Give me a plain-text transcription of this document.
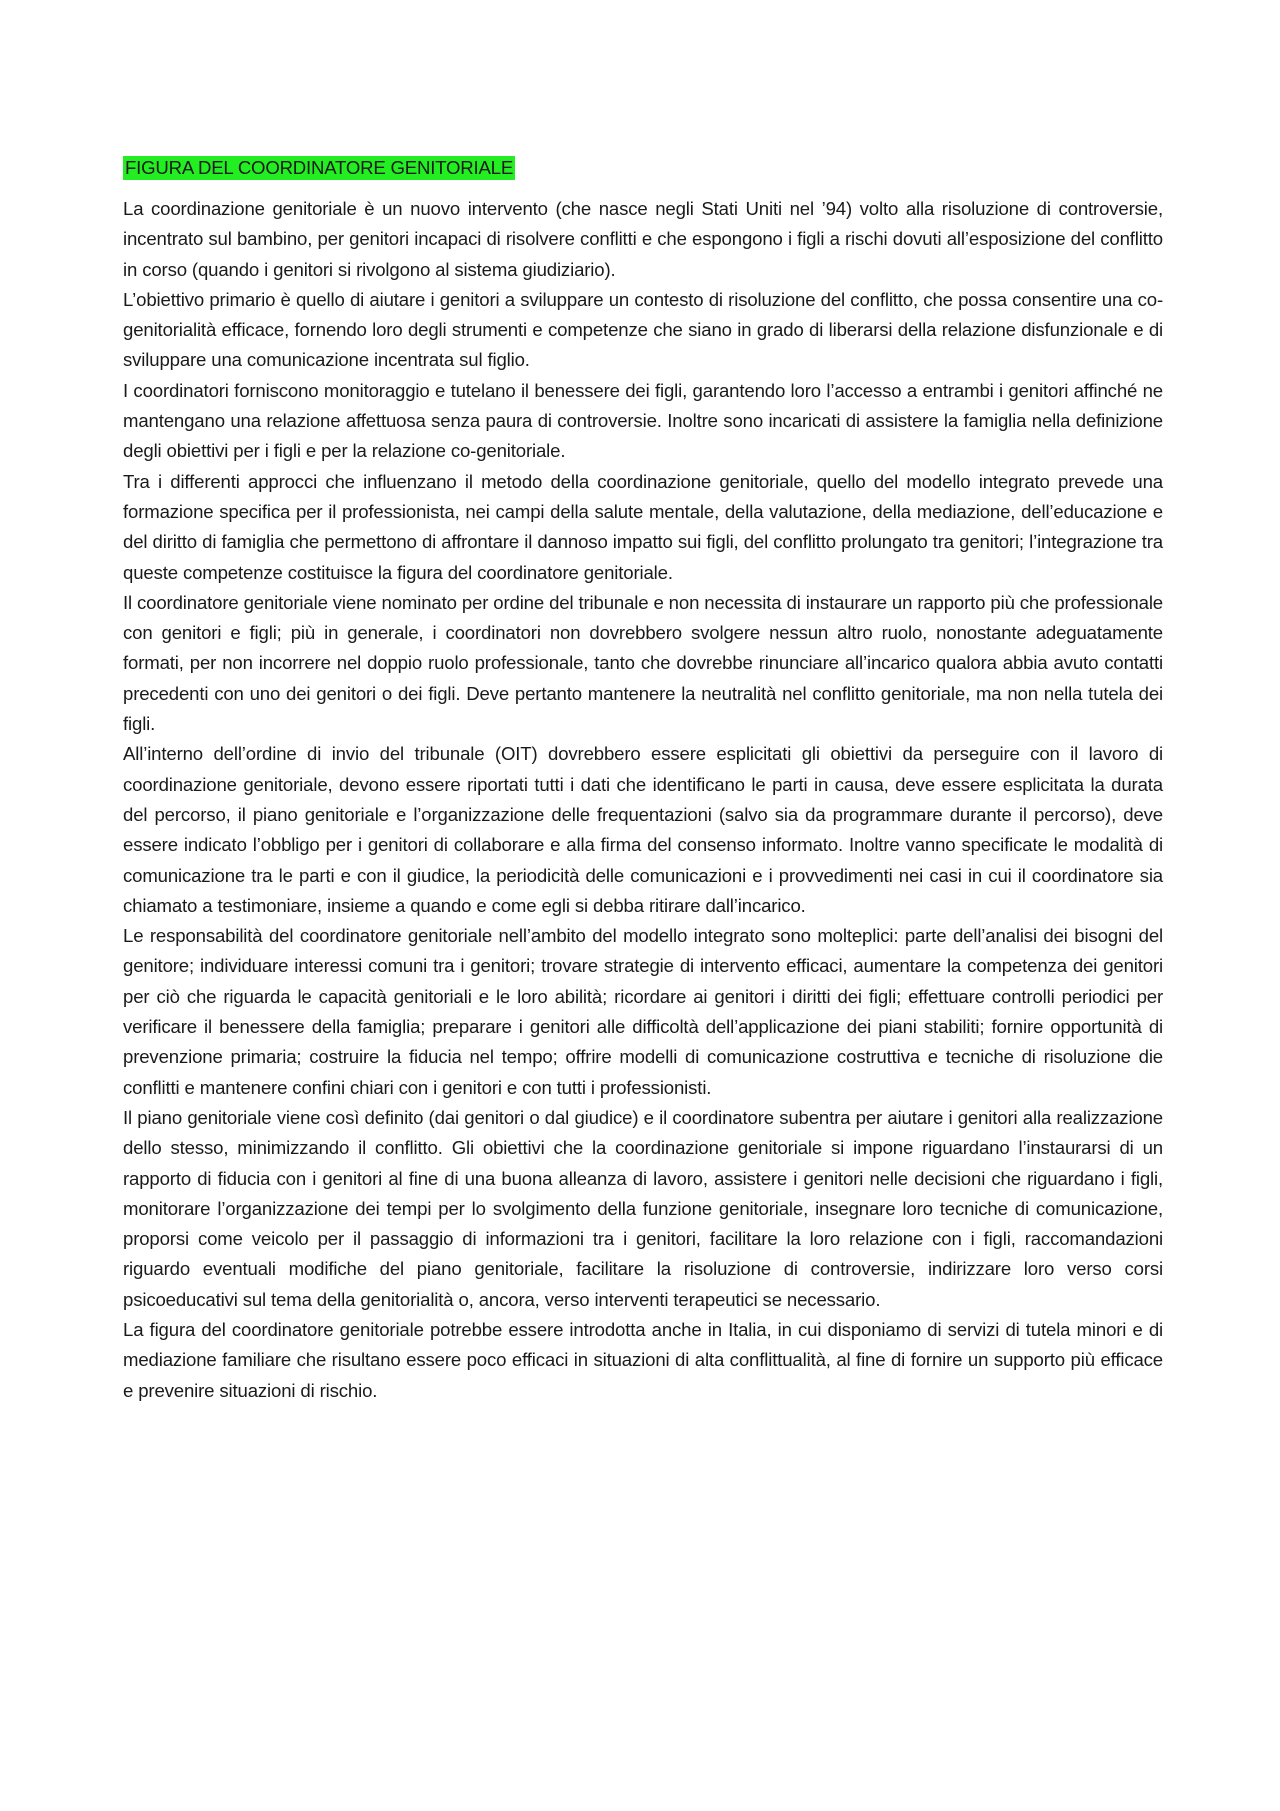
FIGURA DEL COORDINATORE GENITORIALE

La coordinazione genitoriale è un nuovo intervento (che nasce negli Stati Uniti nel ’94) volto alla risoluzione di controversie, incentrato sul bambino, per genitori incapaci di risolvere conflitti e che espongono i figli a rischi dovuti all’esposizione del conflitto in corso (quando i genitori si rivolgono al sistema giudiziario).

L’obiettivo primario è quello di aiutare i genitori a sviluppare un contesto di risoluzione del conflitto, che possa consentire una co-genitorialità efficace, fornendo loro degli strumenti e competenze che siano in grado di liberarsi della relazione disfunzionale e di sviluppare una comunicazione incentrata sul figlio.

I coordinatori forniscono monitoraggio e tutelano il benessere dei figli, garantendo loro l’accesso a entrambi i genitori affinché ne mantengano una relazione affettuosa senza paura di controversie. Inoltre sono incaricati di assistere la famiglia nella definizione degli obiettivi per i figli e per la relazione co-genitoriale.

Tra i differenti approcci che influenzano il metodo della coordinazione genitoriale, quello del modello integrato prevede una formazione specifica per il professionista, nei campi della salute mentale, della valutazione, della mediazione, dell’educazione e del diritto di famiglia che permettono di affrontare il dannoso impatto sui figli, del conflitto prolungato tra genitori; l’integrazione tra queste competenze costituisce la figura del coordinatore genitoriale.

Il coordinatore genitoriale viene nominato per ordine del tribunale e non necessita di instaurare un rapporto più che professionale con genitori e figli; più in generale, i coordinatori non dovrebbero svolgere nessun altro ruolo, nonostante adeguatamente formati, per non incorrere nel doppio ruolo professionale, tanto che dovrebbe rinunciare all’incarico qualora abbia avuto contatti precedenti con uno dei genitori o dei figli. Deve pertanto mantenere la neutralità nel conflitto genitoriale, ma non nella tutela dei figli.

All’interno dell’ordine di invio del tribunale (OIT) dovrebbero essere esplicitati gli obiettivi da perseguire con il lavoro di coordinazione genitoriale, devono essere riportati tutti i dati che identificano le parti in causa, deve essere esplicitata la durata del percorso, il piano genitoriale e l’organizzazione delle frequentazioni (salvo sia da programmare durante il percorso), deve essere indicato l’obbligo per i genitori di collaborare e alla firma del consenso informato. Inoltre vanno specificate le modalità di comunicazione tra le parti e con il giudice, la periodicità delle comunicazioni e i provvedimenti nei casi in cui il coordinatore sia chiamato a testimoniare, insieme a quando e come egli si debba ritirare dall’incarico.

Le responsabilità del coordinatore genitoriale nell’ambito del modello integrato sono molteplici: parte dell’analisi dei bisogni del genitore; individuare interessi comuni tra i genitori; trovare strategie di intervento efficaci, aumentare la competenza dei genitori per ciò che riguarda le capacità genitoriali e le loro abilità; ricordare ai genitori i diritti dei figli; effettuare controlli periodici per verificare il benessere della famiglia; preparare i genitori alle difficoltà dell’applicazione dei piani stabiliti; fornire opportunità di prevenzione primaria; costruire la fiducia nel tempo; offrire modelli di comunicazione costruttiva e tecniche di risoluzione die conflitti e mantenere confini chiari con i genitori e con tutti i professionisti.

Il piano genitoriale viene così definito (dai genitori o dal giudice) e il coordinatore subentra per aiutare i genitori alla realizzazione dello stesso, minimizzando il conflitto. Gli obiettivi che la coordinazione genitoriale si impone riguardano l’instaurarsi di un rapporto di fiducia con i genitori al fine di una buona alleanza di lavoro, assistere i genitori nelle decisioni che riguardano i figli, monitorare l’organizzazione dei tempi per lo svolgimento della funzione genitoriale, insegnare loro tecniche di comunicazione, proporsi come veicolo per il passaggio di informazioni tra i genitori, facilitare la loro relazione con i figli, raccomandazioni riguardo eventuali modifiche del piano genitoriale, facilitare la risoluzione di controversie, indirizzare loro verso corsi psicoeducativi sul tema della genitorialità o, ancora, verso interventi terapeutici se necessario.

La figura del coordinatore genitoriale potrebbe essere introdotta anche in Italia, in cui disponiamo di servizi di tutela minori e di mediazione familiare che risultano essere poco efficaci in situazioni di alta conflittualità, al fine di fornire un supporto più efficace e prevenire situazioni di rischio.
